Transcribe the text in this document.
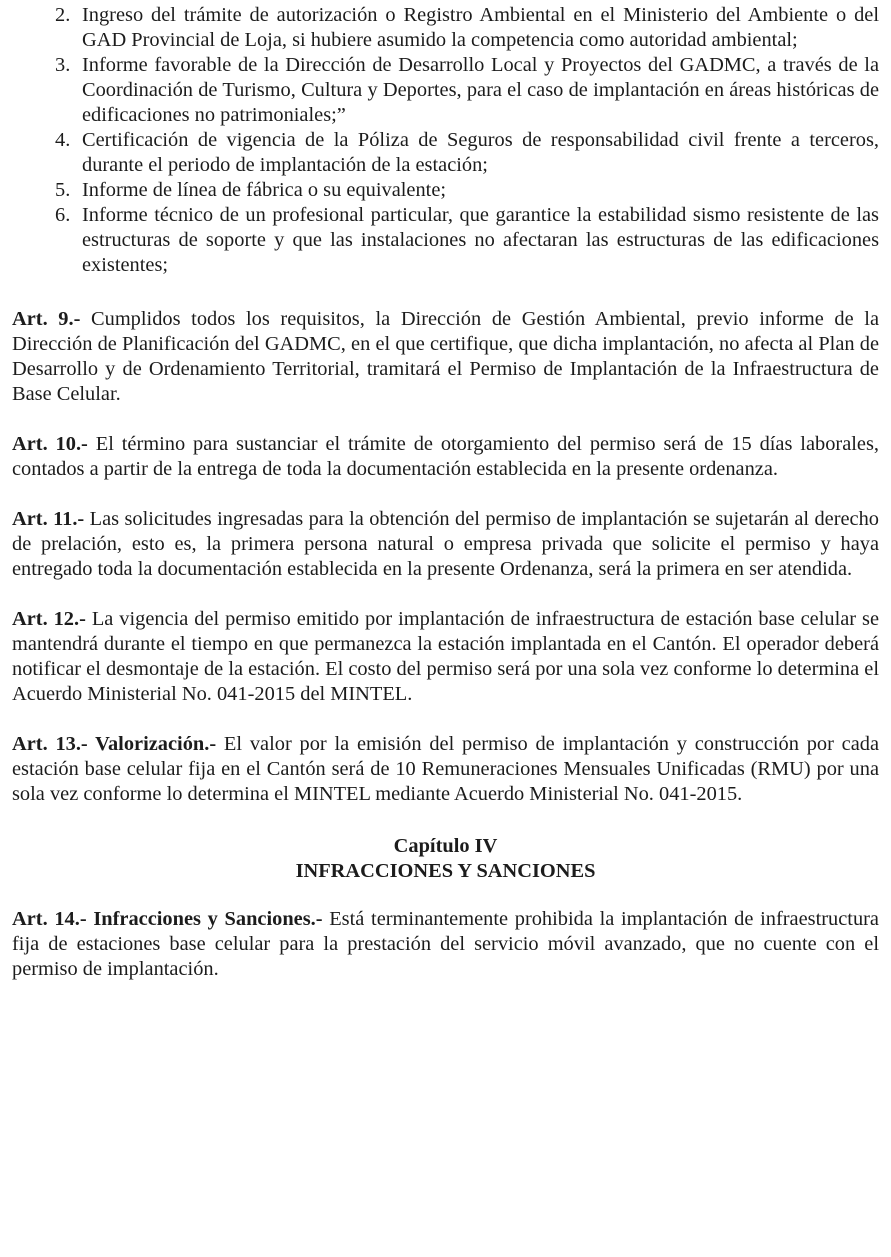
2. Ingreso del trámite de autorización o Registro Ambiental en el Ministerio del Ambiente o del GAD Provincial de Loja, si hubiere asumido la competencia como autoridad ambiental;
3. Informe favorable de la Dirección de Desarrollo Local y Proyectos del GADMC, a través de la Coordinación de Turismo, Cultura y Deportes, para el caso de implantación en áreas históricas de edificaciones no patrimoniales;”
4. Certificación de vigencia de la Póliza de Seguros de responsabilidad civil frente a terceros, durante el periodo de implantación de la estación;
5. Informe de línea de fábrica o su equivalente;
6. Informe técnico de un profesional particular, que garantice la estabilidad sismo resistente de las estructuras de soporte y que las instalaciones no afectaran las estructuras de las edificaciones existentes;

Art. 9.- Cumplidos todos los requisitos, la Dirección de Gestión Ambiental, previo informe de la Dirección de Planificación del GADMC, en el que certifique, que dicha implantación, no afecta al Plan de Desarrollo y de Ordenamiento Territorial, tramitará el Permiso de Implantación de la Infraestructura de Base Celular.

Art. 10.- El término para sustanciar el trámite de otorgamiento del permiso será de 15 días laborales, contados a partir de la entrega de toda la documentación establecida en la presente ordenanza.

Art. 11.- Las solicitudes ingresadas para la obtención del permiso de implantación se sujetarán al derecho de prelación, esto es, la primera persona natural o empresa privada que solicite el permiso y haya entregado toda la documentación establecida en la presente Ordenanza, será la primera en ser atendida.

Art. 12.- La vigencia del permiso emitido por implantación de infraestructura de estación base celular se mantendrá durante el tiempo en que permanezca la estación implantada en el Cantón. El operador deberá notificar el desmontaje de la estación. El costo del permiso será por una sola vez conforme lo determina el Acuerdo Ministerial No. 041-2015 del MINTEL.

Art. 13.- Valorización.- El valor por la emisión del permiso de implantación y construcción por cada estación base celular fija en el Cantón será de 10 Remuneraciones Mensuales Unificadas (RMU) por una sola vez conforme lo determina el MINTEL mediante Acuerdo Ministerial No. 041-2015.

Capítulo IV
INFRACCIONES Y SANCIONES

Art. 14.- Infracciones y Sanciones.- Está terminantemente prohibida la implantación de infraestructura fija de estaciones base celular para la prestación del servicio móvil avanzado, que no cuente con el permiso de implantación.
